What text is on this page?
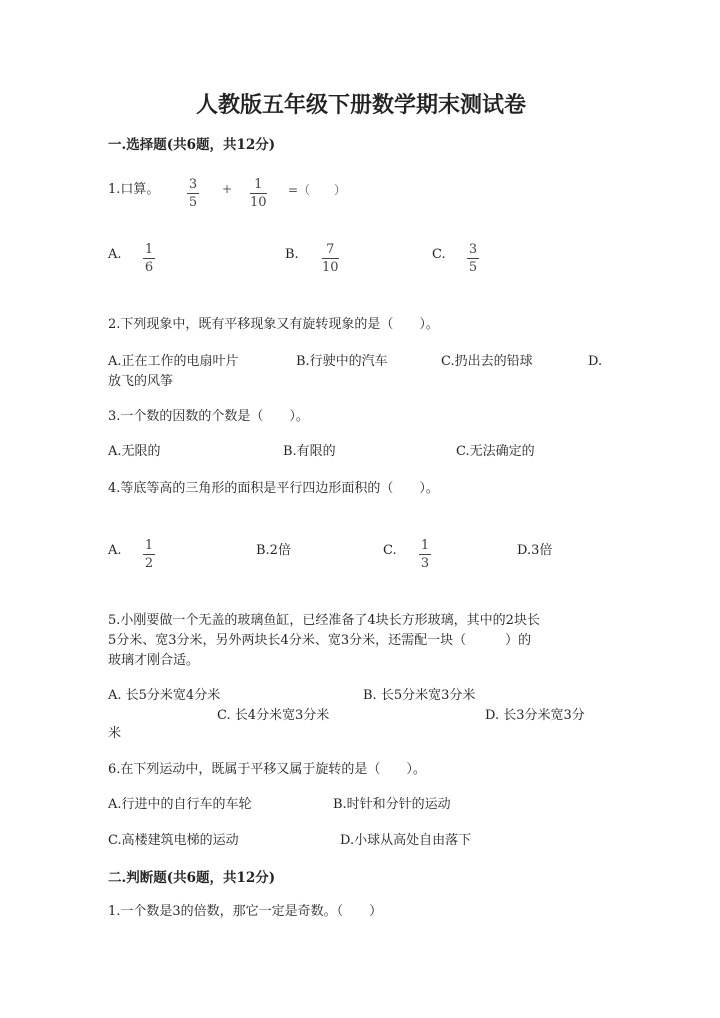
人教版五年级下册数学期末测试卷
一.选择题(共6题，共12分)
1.口算。 3
5
+ 1
10
=（　　）
A. 1
6
B. 7
10
C. 3
5
2.下列现象中，既有平移现象又有旋转现象的是（　　）。
A.正在工作的电扇叶片	B.行驶中的汽车	C.扔出去的铅球	D.
放飞的风筝
3.一个数的因数的个数是（　　）。
A.无限的	B.有限的	C.无法确定的
4.等底等高的三角形的面积是平行四边形面积的（　　）。
A. 1
2
B.2倍	C. 1
3
D.3倍
5.小刚要做一个无盖的玻璃鱼缸，已经准备了4块长方形玻璃，其中的2块长
5分米、宽3分米，另外两块长4分米、宽3分米，还需配一块（　　　）的
玻璃才刚合适。
A. 长5分米宽4分米	B. 长5分米宽3分米
C. 长4分米宽3分米	D. 长3分米宽3分
米
6.在下列运动中，既属于平移又属于旋转的是（　　）。
A.行进中的自行车的车轮	B.时针和分针的运动
C.高楼建筑电梯的运动	D.小球从高处自由落下
二.判断题(共6题，共12分)
1.一个数是3的倍数，那它一定是奇数。（　　）
